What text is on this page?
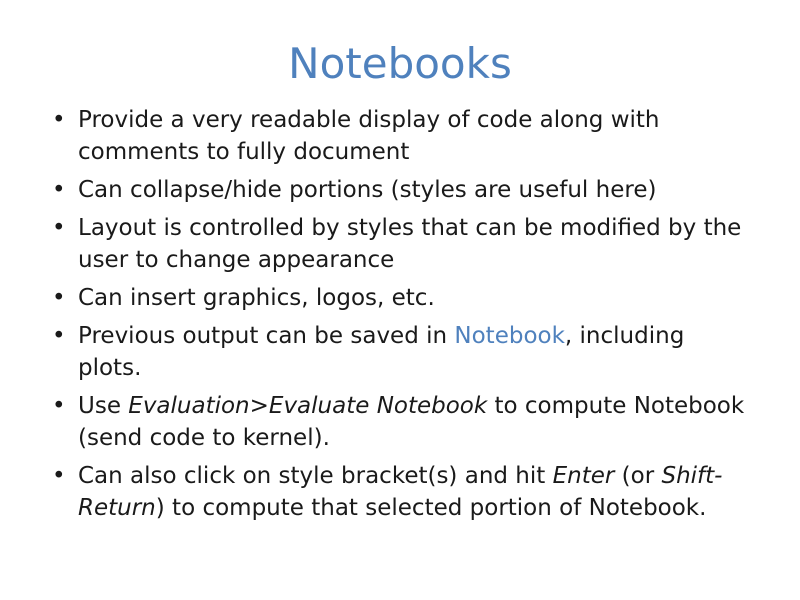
Notebooks
• Provide a very readable display of code along with comments to fully document
• Can collapse/hide portions (styles are useful here)
• Layout is controlled by styles that can be modified by the user to change appearance
• Can insert graphics, logos, etc.
• Previous output can be saved in Notebook, including plots.
• Use Evaluation>Evaluate Notebook to compute Notebook (send code to kernel).
• Can also click on style bracket(s) and hit Enter (or Shift-Return) to compute that selected portion of Notebook.
